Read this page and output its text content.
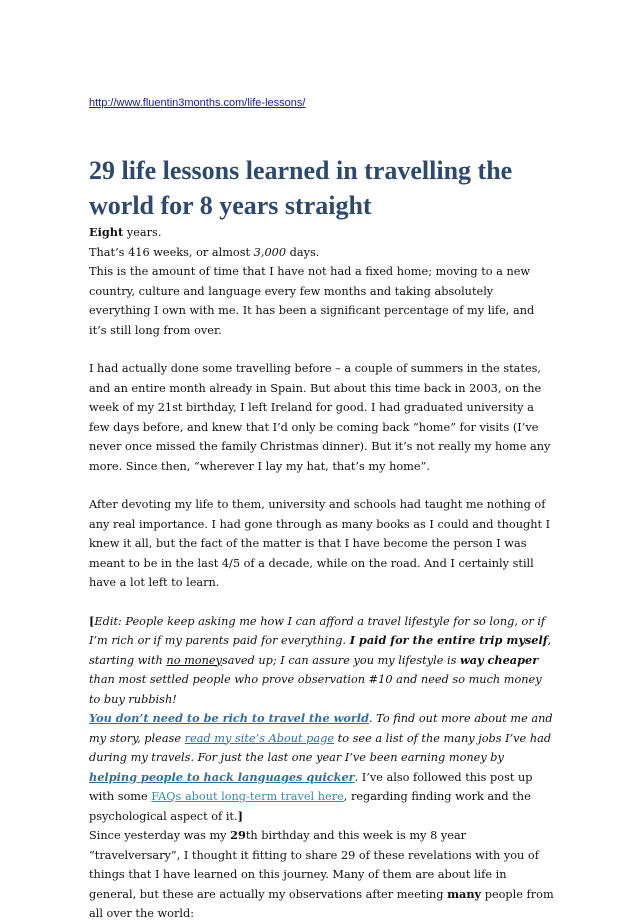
http://www.fluentin3months.com/life-lessons/
29 life lessons learned in travelling the
world for 8 years straight

Eight years.

That’s 416 weeks, or almost 3,000 days.

This is the amount of time that I have not had a fixed home; moving to a new country, culture and language every few months and taking absolutely everything I own with me. It has been a significant percentage of my life, and it’s still long from over.

I had actually done some travelling before – a couple of summers in the states, and an entire month already in Spain. But about this time back in 2003, on the week of my 21st birthday, I left Ireland for good. I had graduated university a few days before, and knew that I’d only be coming back “home” for visits (I’ve never once missed the family Christmas dinner). But it’s not really my home any more. Since then, “wherever I lay my hat, that’s my home”.

After devoting my life to them, university and schools had taught me nothing of any real importance. I had gone through as many books as I could and thought I knew it all, but the fact of the matter is that I have become the person I was meant to be in the last 4/5 of a decade, while on the road. And I certainly still have a lot left to learn.

[Edit: People keep asking me how I can afford a travel lifestyle for so long, or if I’m rich or if my parents paid for everything. I paid for the entire trip myself, starting with no moneysaved up; I can assure you my lifestyle is way cheaper than most settled people who prove observation #10 and need so much money to buy rubbish!
You don’t need to be rich to travel the world. To find out more about me and my story, please read my site’s About page to see a list of the many jobs I’ve had during my travels. For just the last one year I’ve been earning money by helping people to hack languages quicker. I’ve also followed this post up with some FAQs about long-term travel here, regarding finding work and the psychological aspect of it.]

Since yesterday was my 29th birthday and this week is my 8 year “travelversary”, I thought it fitting to share 29 of these revelations with you of things that I have learned on this journey. Many of them are about life in general, but these are actually my observations after meeting many people from all over the world:
